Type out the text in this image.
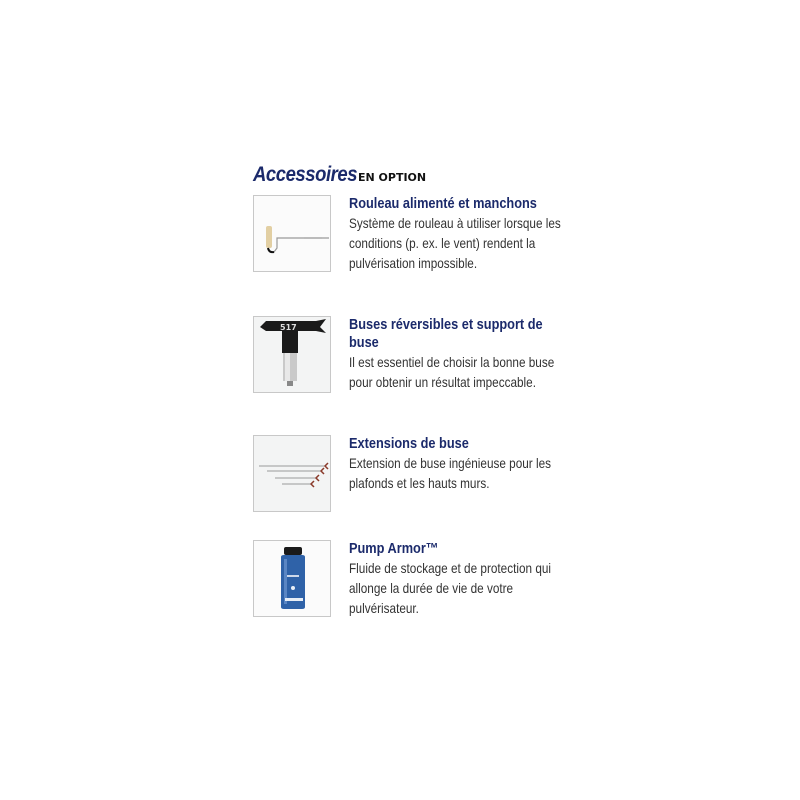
Accessoires EN OPTION
Rouleau alimenté et manchons
Système de rouleau à utiliser lorsque les
conditions (p. ex. le vent) rendent la
pulvérisation impossible.
517	Buses réversibles et support de
buse
Il est essentiel de choisir la bonne buse
pour obtenir un résultat impeccable.
Extensions de buse
Extension de buse ingénieuse pour les
plafonds et les hauts murs.
Pump Armor™
Fluide de stockage et de protection qui
allonge la durée de vie de votre
pulvérisateur.
